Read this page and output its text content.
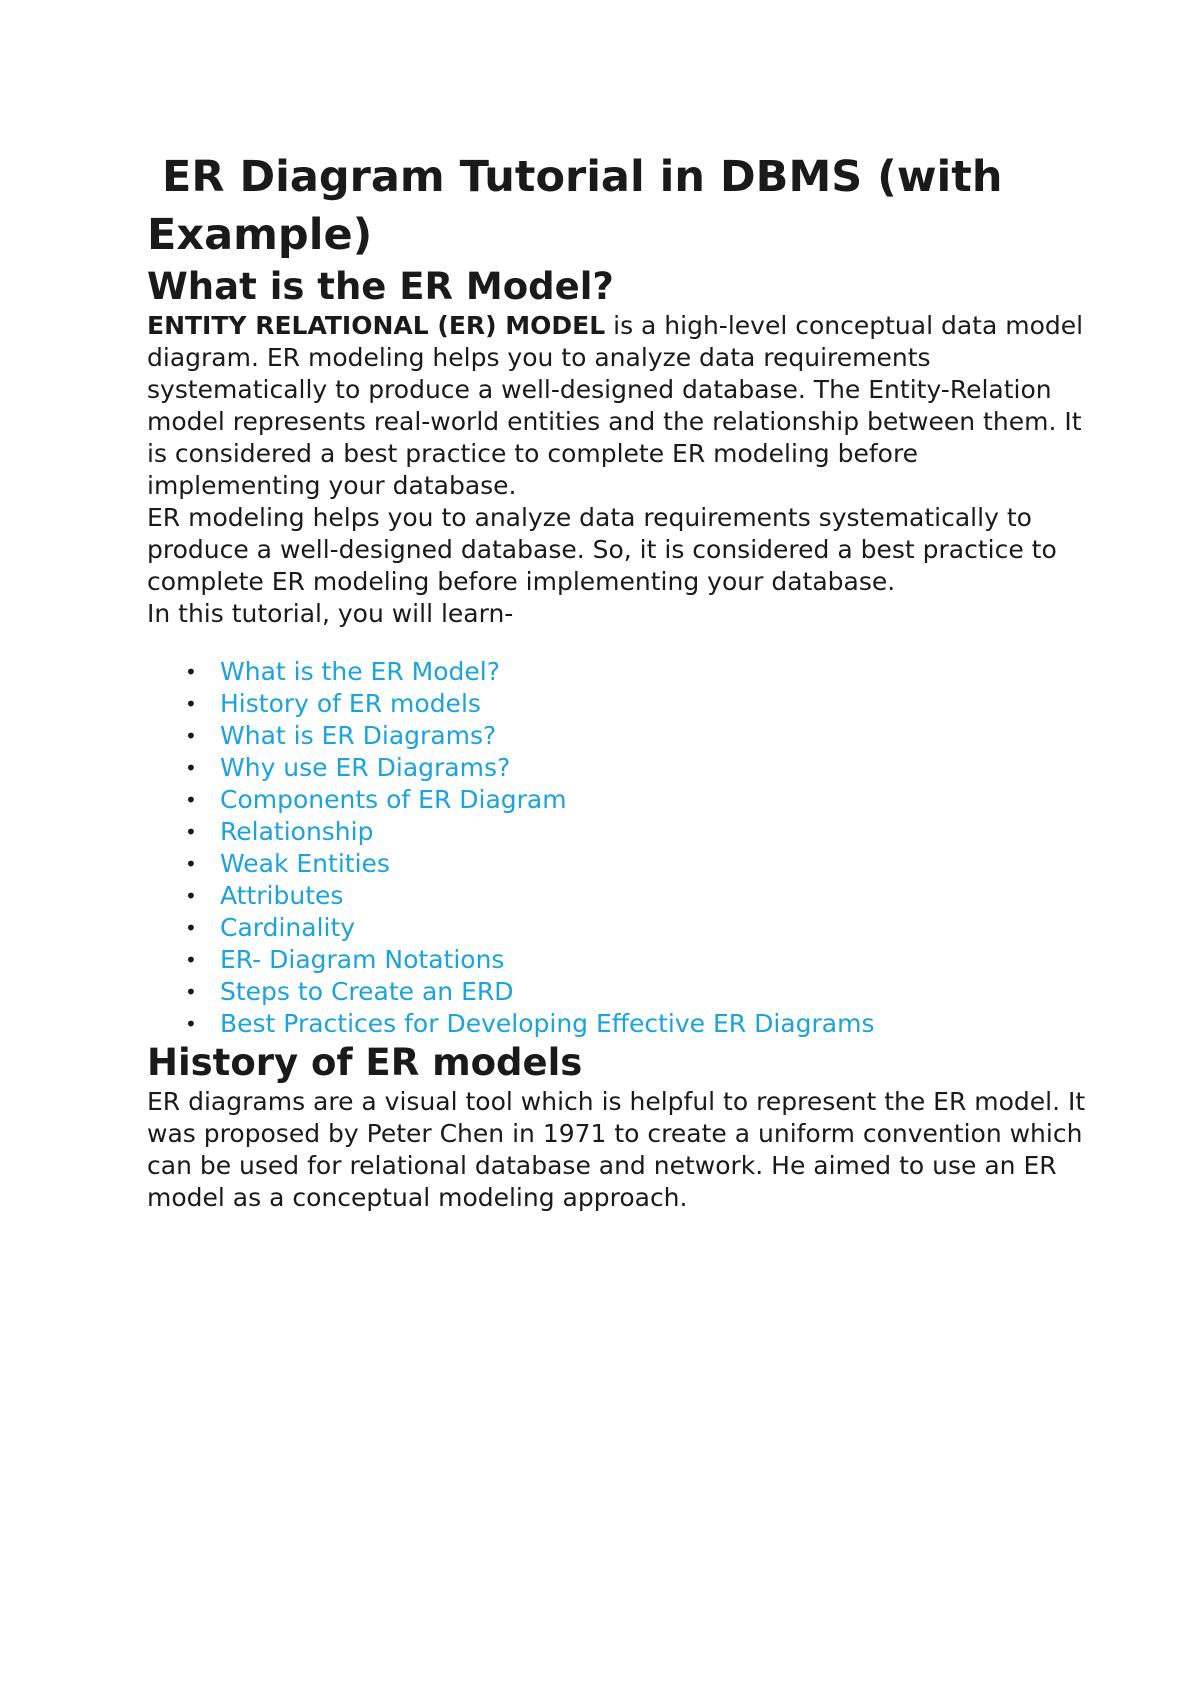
ER Diagram Tutorial in DBMS (with Example)
What is the ER Model?

ENTITY RELATIONAL (ER) MODEL is a high-level conceptual data model diagram. ER modeling helps you to analyze data requirements systematically to produce a well-designed database. The Entity-Relation model represents real-world entities and the relationship between them. It is considered a best practice to complete ER modeling before implementing your database.

ER modeling helps you to analyze data requirements systematically to produce a well-designed database. So, it is considered a best practice to complete ER modeling before implementing your database.

In this tutorial, you will learn-

• What is the ER Model?
• History of ER models
• What is ER Diagrams?
• Why use ER Diagrams?
• Components of ER Diagram
• Relationship
• Weak Entities
• Attributes
• Cardinality
• ER- Diagram Notations
• Steps to Create an ERD
• Best Practices for Developing Effective ER Diagrams
History of ER models

ER diagrams are a visual tool which is helpful to represent the ER model. It was proposed by Peter Chen in 1971 to create a uniform convention which can be used for relational database and network. He aimed to use an ER model as a conceptual modeling approach.
